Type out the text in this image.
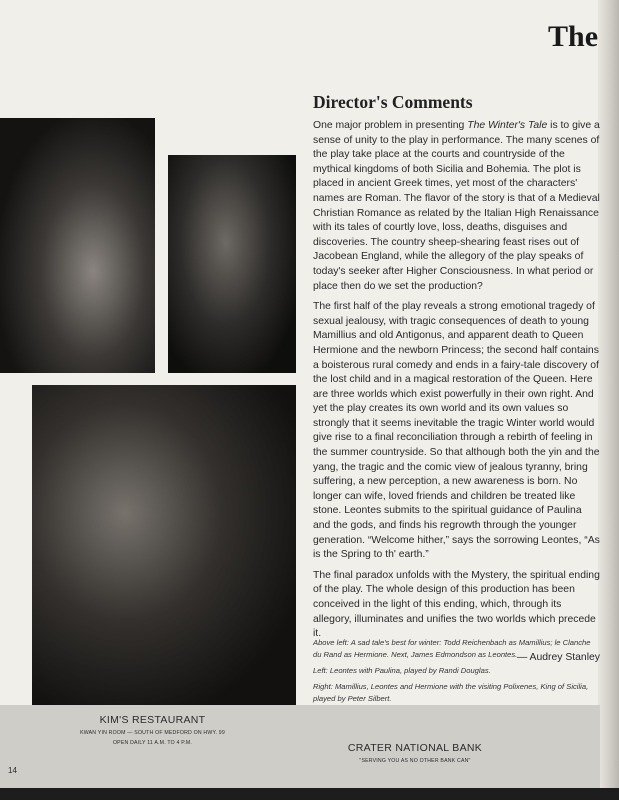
The
Director's Comments

One major problem in presenting The Winter's Tale is to give a sense of unity to the play in performance. The many scenes of the play take place at the courts and countryside of the mythical kingdoms of both Sicilia and Bohemia. The plot is placed in ancient Greek times, yet most of the characters' names are Roman. The flavor of the story is that of a Medieval Christian Romance as related by the Italian High Renaissance with its tales of courtly love, loss, deaths, disguises and discoveries. The country sheep-shearing feast rises out of Jacobean England, while the allegory of the play speaks of today's seeker after Higher Consciousness. In what period or place then do we set the production?

The first half of the play reveals a strong emotional tragedy of sexual jealousy, with tragic consequences of death to young Mamillius and old Antigonus, and apparent death to Queen Hermione and the newborn Princess; the second half contains a boisterous rural comedy and ends in a fairy-tale discovery of the lost child and in a magical restoration of the Queen. Here are three worlds which exist powerfully in their own right. And yet the play creates its own world and its own values so strongly that it seems inevitable the tragic Winter world would give rise to a final reconciliation through a rebirth of feeling in the summer countryside. So that although both the yin and the yang, the tragic and the comic view of jealous tyranny, bring suffering, a new perception, a new awareness is born. No longer can wife, loved friends and children be treated like stone. Leontes submits to the spiritual guidance of Paulina and the gods, and finds his regrowth through the younger generation. “Welcome hither,” says the sorrowing Leontes, “As is the Spring to th' earth.”

The final paradox unfolds with the Mystery, the spiritual ending of the play. The whole design of this production has been conceived in the light of this ending, which, through its allegory, illuminates and unifies the two worlds which precede it.

— Audrey Stanley

Above left: A sad tale's best for winter: Todd Reichenbach as Mamillius; le Clanche du Rand as Hermione. Next, James Edmondson as Leontes.

Left: Leontes with Paulina, played by Randi Douglas.

Right: Mamillius, Leontes and Hermione with the visiting Polixenes, King of Sicilia, played by Peter Silbert.

KIM'S RESTAURANT
KWAN YIN ROOM — SOUTH OF MEDFORD ON HWY. 99
OPEN DAILY 11 A.M. TO 4 P.M.	CRATER NATIONAL BANK
"SERVING YOU AS NO OTHER BANK CAN"
14
